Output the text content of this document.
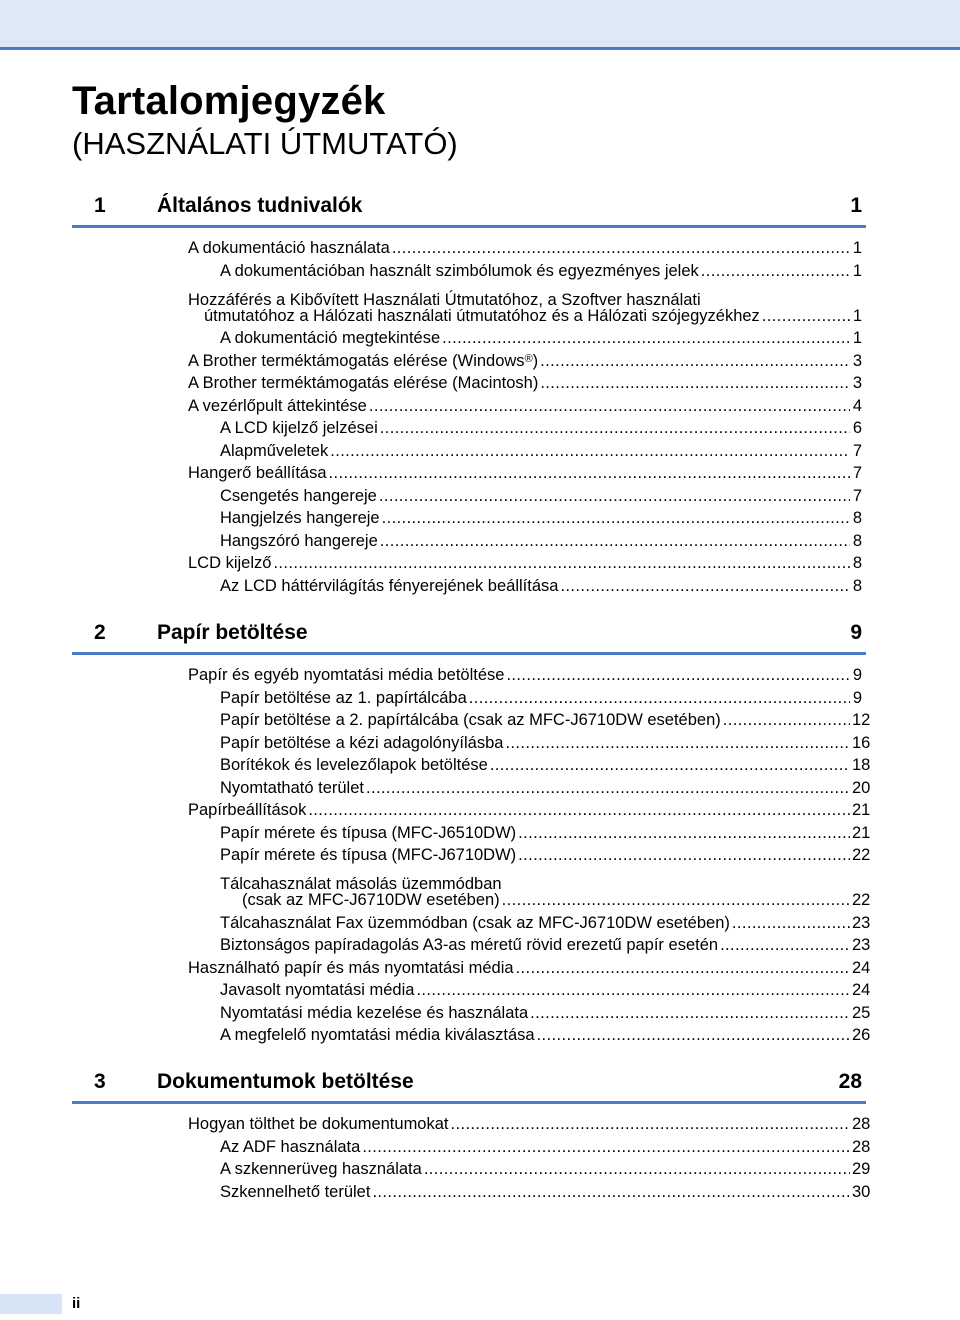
Tartalomjegyzék
(HASZNÁLATI ÚTMUTATÓ)
1 Általános tudnivalók	1
A dokumentáció használata .....	1
A dokumentációban használt szimbólumok és egyezményes jelek .....	1
Hozzáférés a Kibővített Használati Útmutatóhoz, a Szoftver használati
útmutatóhoz a Hálózati használati útmutatóhoz és a Hálózati szójegyzékhez .....	1
A dokumentáció megtekintése .....	1
A Brother terméktámogatás elérése (Windows ® ) .....	3
A Brother terméktámogatás elérése (Macintosh) .....	3
A vezérlőpult áttekintése .....	4
A LCD kijelző jelzései .....	6
Alapműveletek .....	7
Hangerő beállítása .....	7
Csengetés hangereje .....	7
Hangjelzés hangereje .....	8
Hangszóró hangereje .....	8
LCD kijelző .....	8
Az LCD háttérvilágítás fényerejének beállítása .....	8
2 Papír betöltése	9
Papír és egyéb nyomtatási média betöltése .....	9
Papír betöltése az 1. papírtálcába .....	9
Papír betöltése a 2. papírtálcába (csak az MFC-J6710DW esetében) .....	12
Papír betöltése a kézi adagolónyílásba .....	16
Borítékok és levelezőlapok betöltése .....	18
Nyomtatható terület .....	20
Papírbeállítások .....	21
Papír mérete és típusa (MFC-J6510DW) .....	21
Papír mérete és típusa (MFC-J6710DW) .....	22
Tálcahasználat másolás üzemmódban
(csak az MFC-J6710DW esetében) .....	22
Tálcahasználat Fax üzemmódban (csak az MFC-J6710DW esetében) .....	23
Biztonságos papíradagolás A3-as méretű rövid erezetű papír esetén .....	23
Használható papír és más nyomtatási média .....	24
Javasolt nyomtatási média .....	24
Nyomtatási média kezelése és használata .....	25
A megfelelő nyomtatási média kiválasztása .....	26
3 Dokumentumok betöltése	28
Hogyan tölthet be dokumentumokat .....	28
Az ADF használata .....	28
A szkennerüveg használata .....	29
Szkennelhető terület .....	30
ii
